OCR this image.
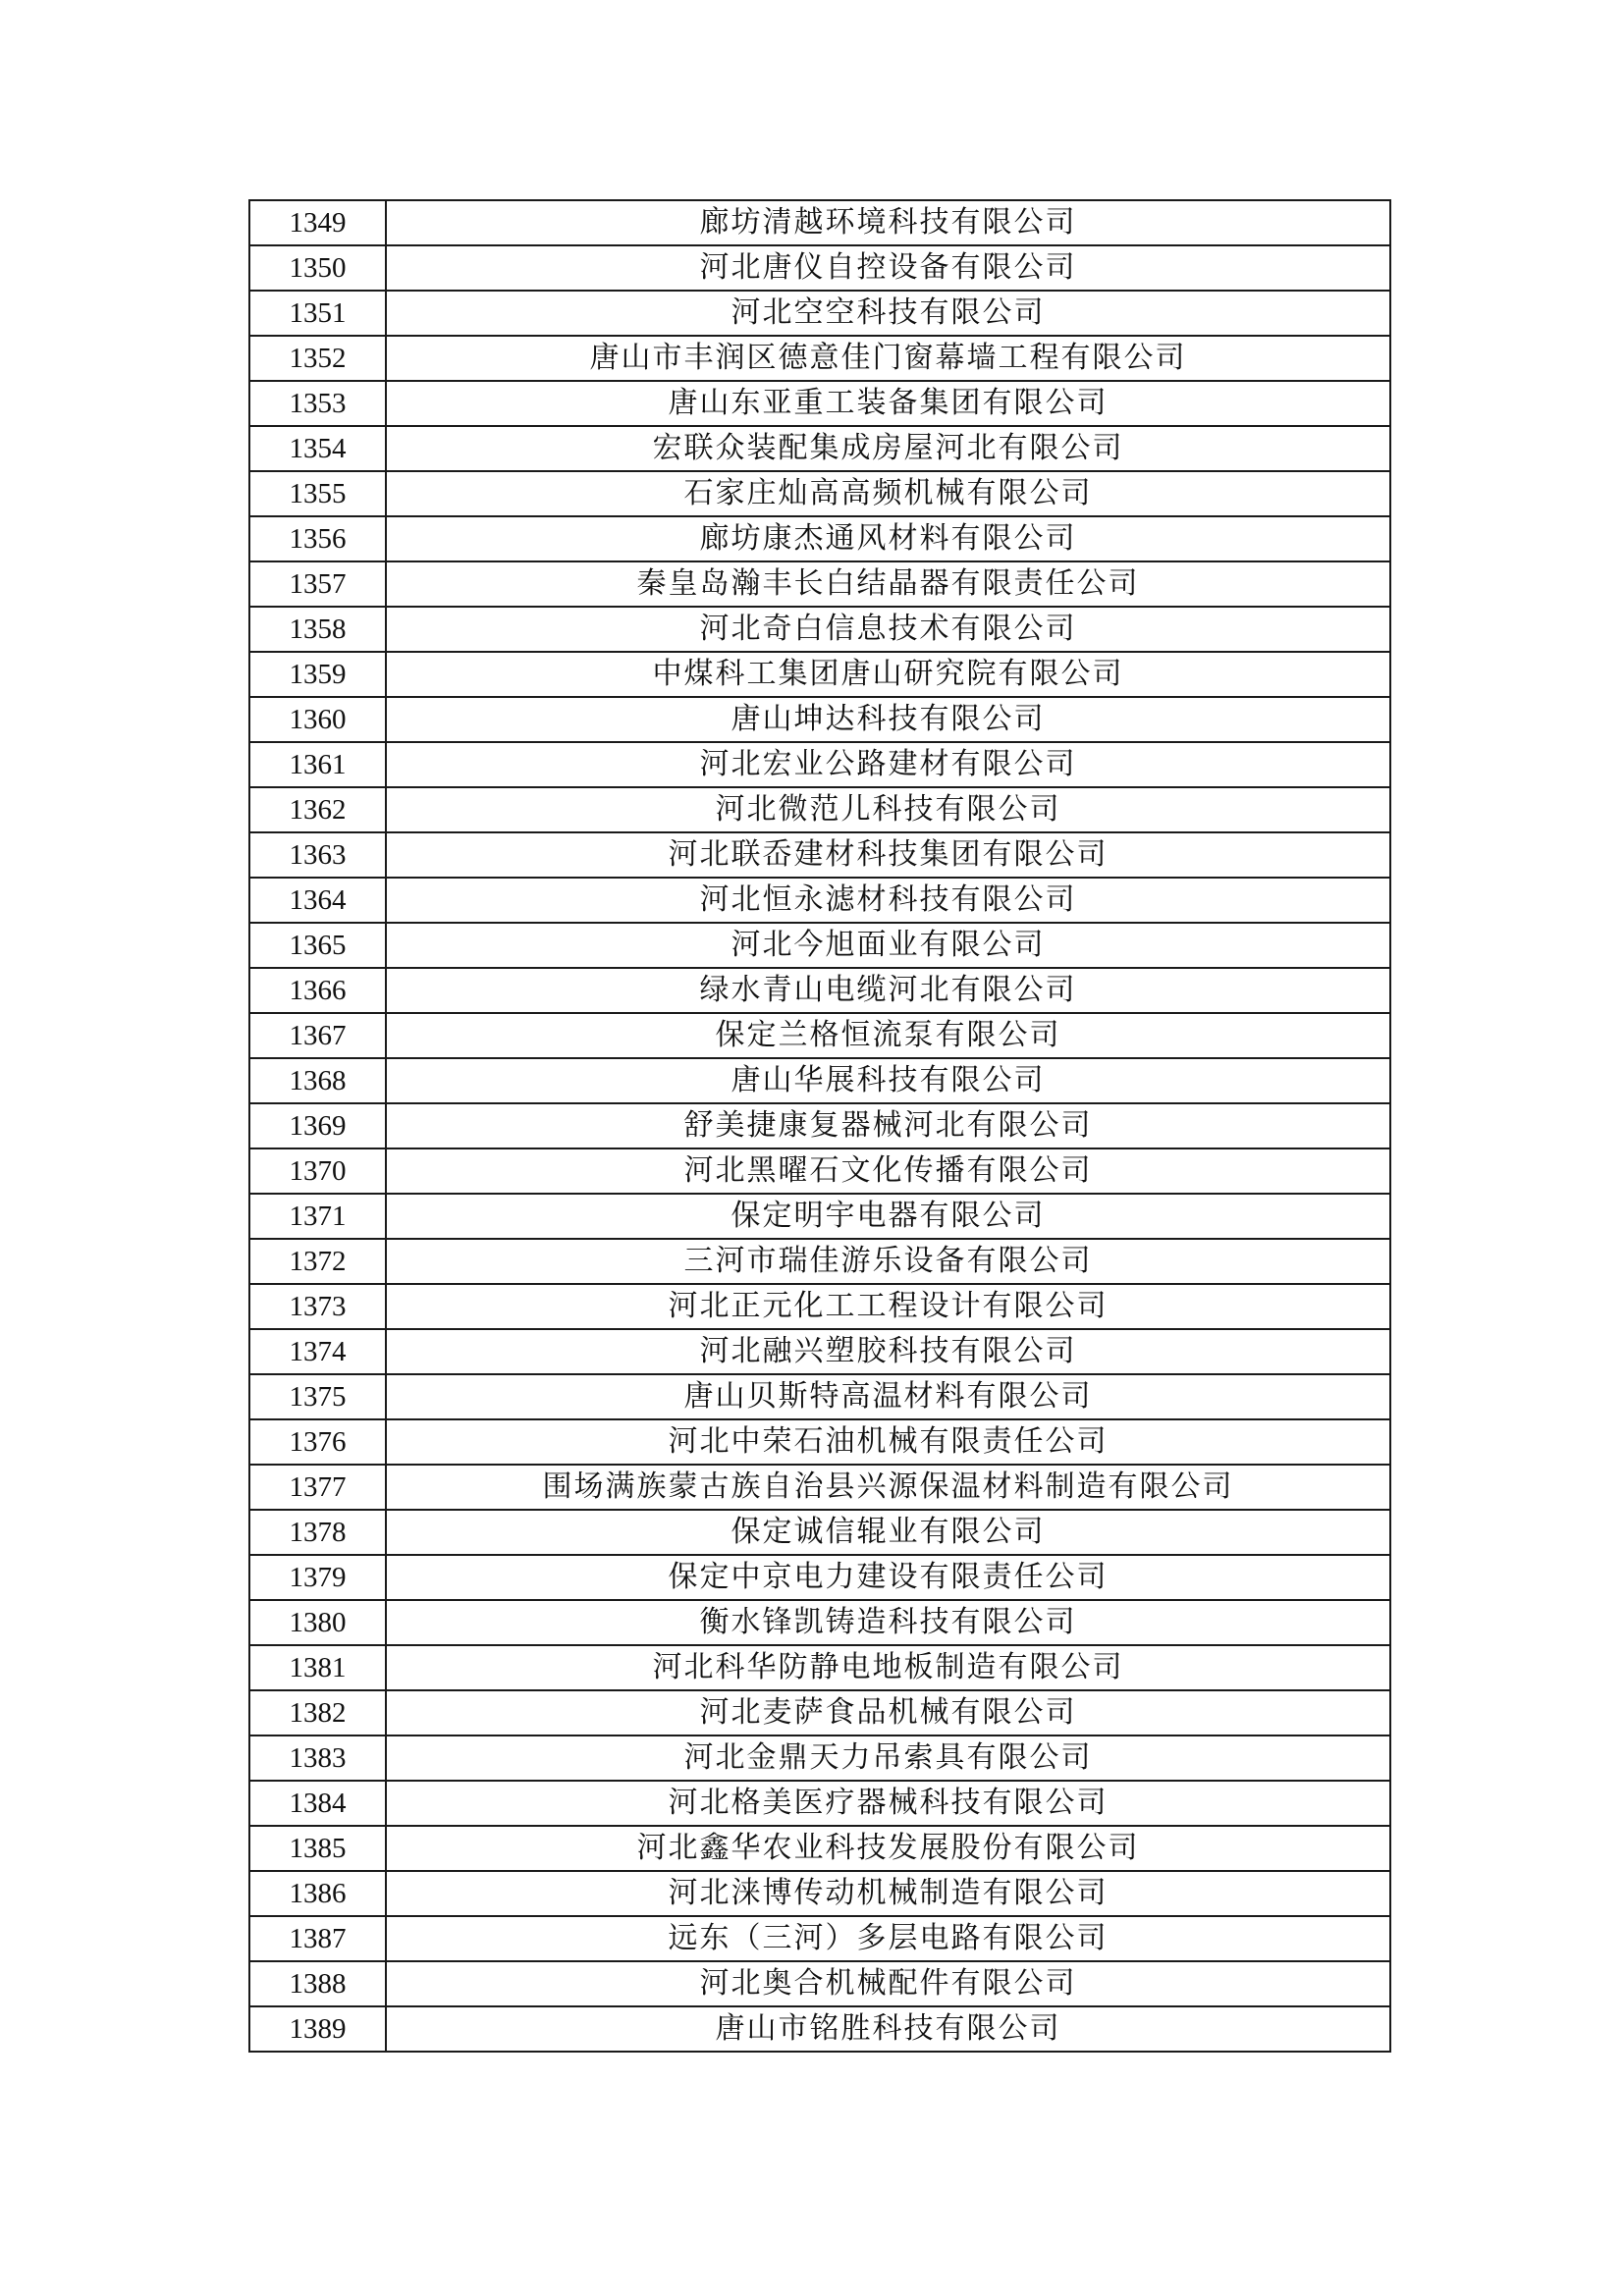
1349	廊坊清越环境科技有限公司
1350	河北唐仪自控设备有限公司
1351	河北空空科技有限公司
1352	唐山市丰润区德意佳门窗幕墙工程有限公司
1353	唐山东亚重工装备集团有限公司
1354	宏联众装配集成房屋河北有限公司
1355	石家庄灿高高频机械有限公司
1356	廊坊康杰通风材料有限公司
1357	秦皇岛瀚丰长白结晶器有限责任公司
1358	河北奇白信息技术有限公司
1359	中煤科工集团唐山研究院有限公司
1360	唐山坤达科技有限公司
1361	河北宏业公路建材有限公司
1362	河北微范儿科技有限公司
1363	河北联岙建材科技集团有限公司
1364	河北恒永滤材科技有限公司
1365	河北今旭面业有限公司
1366	绿水青山电缆河北有限公司
1367	保定兰格恒流泵有限公司
1368	唐山华展科技有限公司
1369	舒美捷康复器械河北有限公司
1370	河北黑曜石文化传播有限公司
1371	保定明宇电器有限公司
1372	三河市瑞佳游乐设备有限公司
1373	河北正元化工工程设计有限公司
1374	河北融兴塑胶科技有限公司
1375	唐山贝斯特高温材料有限公司
1376	河北中荣石油机械有限责任公司
1377	围场满族蒙古族自治县兴源保温材料制造有限公司
1378	保定诚信辊业有限公司
1379	保定中京电力建设有限责任公司
1380	衡水锋凯铸造科技有限公司
1381	河北科华防静电地板制造有限公司
1382	河北麦萨食品机械有限公司
1383	河北金鼎天力吊索具有限公司
1384	河北格美医疗器械科技有限公司
1385	河北鑫华农业科技发展股份有限公司
1386	河北涞博传动机械制造有限公司
1387	远东（三河）多层电路有限公司
1388	河北奥合机械配件有限公司
1389	唐山市铭胜科技有限公司
